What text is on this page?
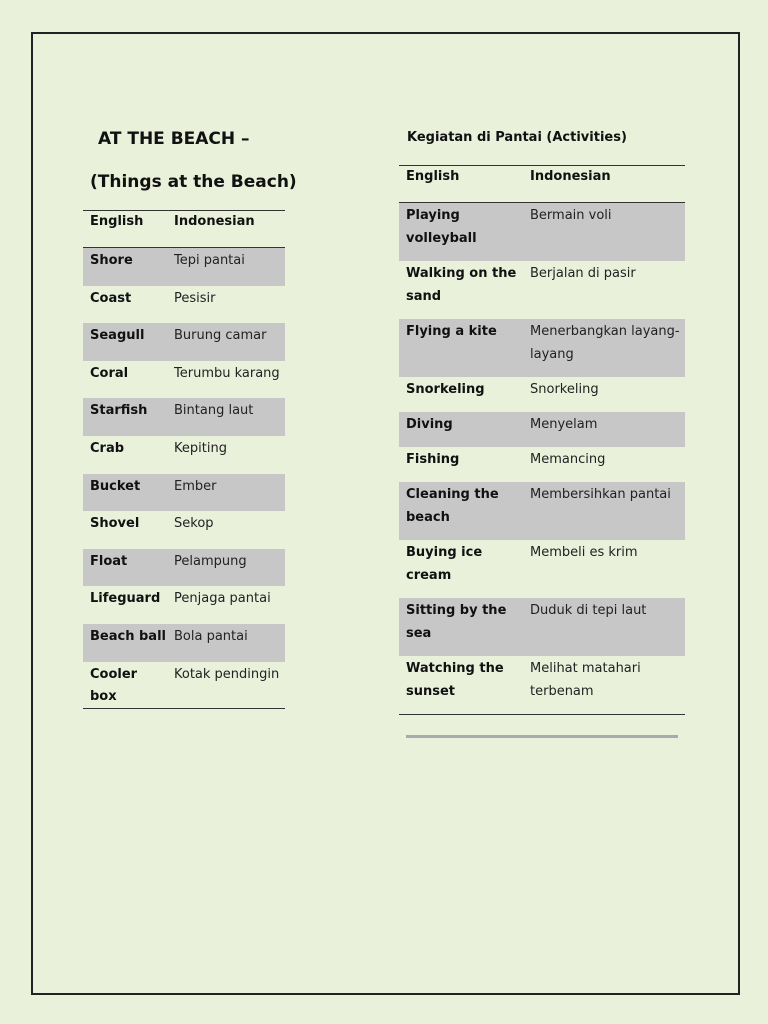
AT THE BEACH –
(Things at the Beach)
English	Indonesian
Shore	Tepi pantai
Coast	Pesisir
Seagull	Burung camar
Coral	Terumbu karang
Starfish	Bintang laut
Crab	Kepiting
Bucket	Ember
Shovel	Sekop
Float	Pelampung
Lifeguard	Penjaga pantai
Beach ball	Bola pantai
Cooler box	Kotak pendingin
Kegiatan di Pantai (Activities)
English	Indonesian
Playing volleyball	Bermain voli
Walking on the sand	Berjalan di pasir
Flying a kite	Menerbangkan layang-layang
Snorkeling	Snorkeling
Diving	Menyelam
Fishing	Memancing
Cleaning the beach	Membersihkan pantai
Buying ice cream	Membeli es krim
Sitting by the sea	Duduk di tepi laut
Watching the sunset	Melihat matahari terbenam
